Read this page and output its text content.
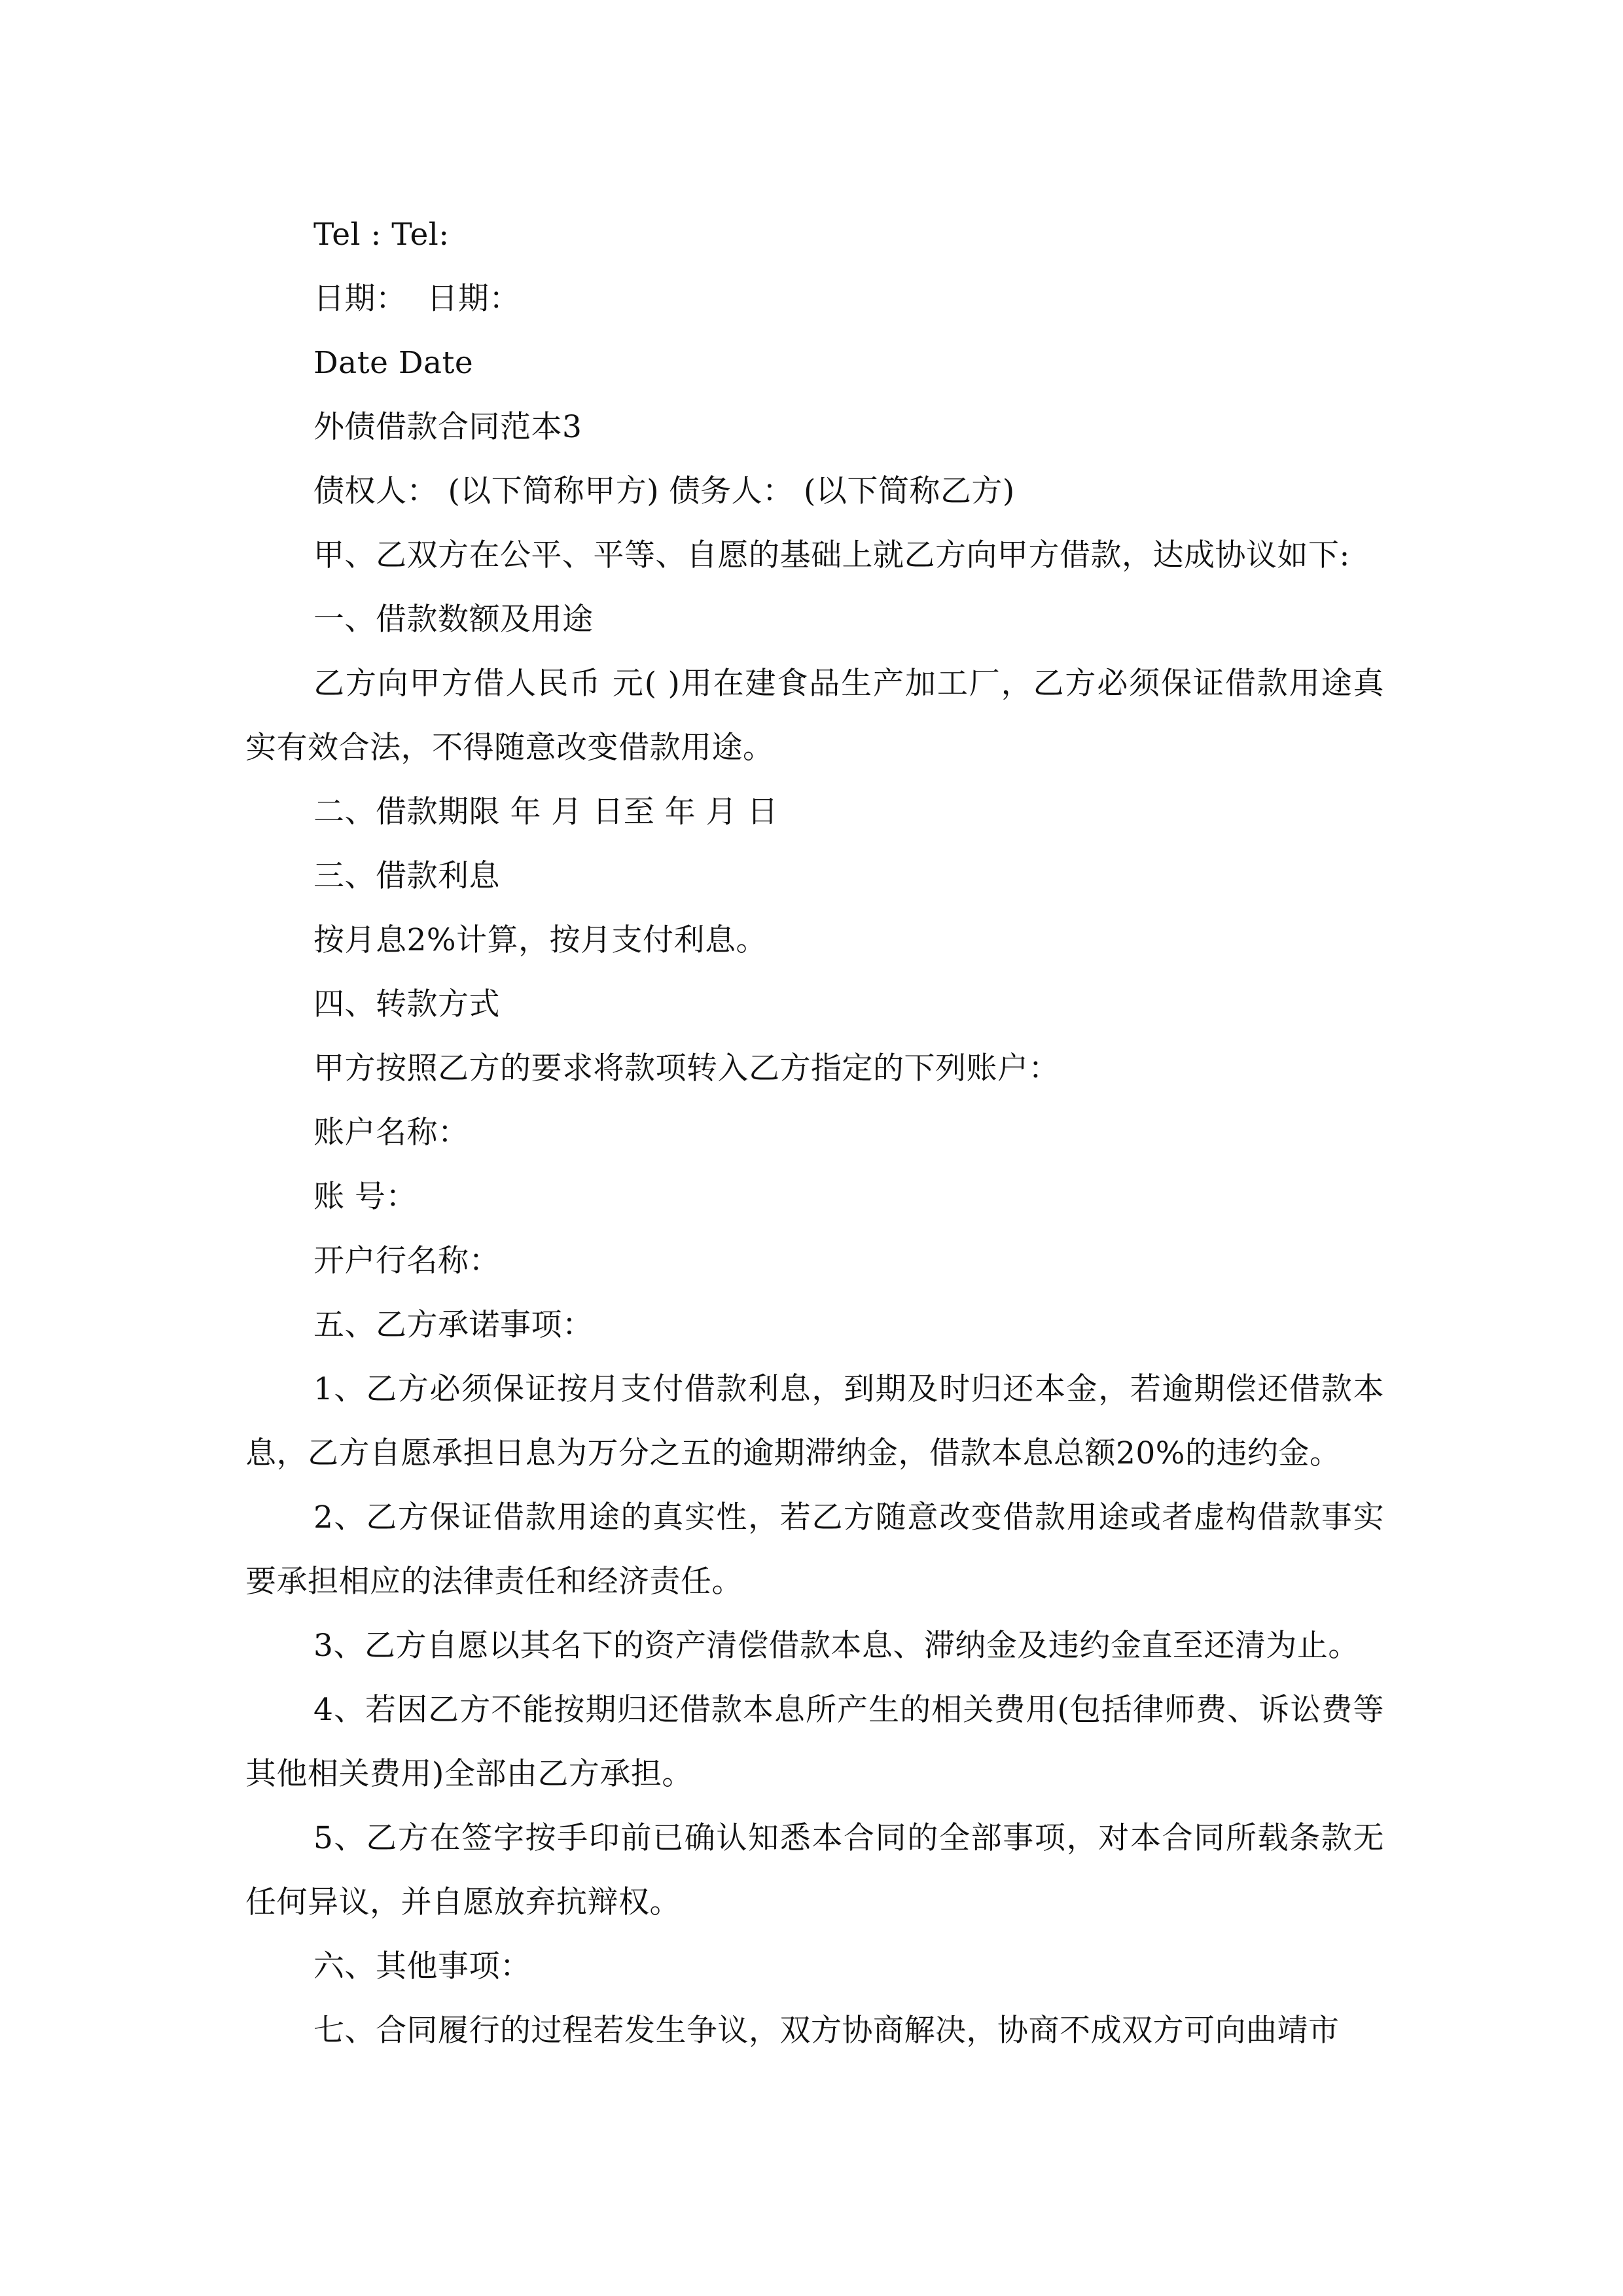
Tel : Tel:

日期：  日期：

Date Date

外债借款合同范本3

债权人： (以下简称甲方) 债务人： (以下简称乙方)

甲、乙双方在公平、平等、自愿的基础上就乙方向甲方借款，达成协议如下:

一、借款数额及用途

乙方向甲方借人民币 元( )用在建食品生产加工厂，乙方必须保证借款用途真实有效合法，不得随意改变借款用途。

二、借款期限 年 月 日至 年 月 日

三、借款利息

按月息2%计算，按月支付利息。

四、转款方式

甲方按照乙方的要求将款项转入乙方指定的下列账户：

账户名称：

账 号：

开户行名称：

五、乙方承诺事项：

1、乙方必须保证按月支付借款利息，到期及时归还本金，若逾期偿还借款本息，乙方自愿承担日息为万分之五的逾期滞纳金，借款本息总额20%的违约金。

2、乙方保证借款用途的真实性，若乙方随意改变借款用途或者虚构借款事实要承担相应的法律责任和经济责任。

3、乙方自愿以其名下的资产清偿借款本息、滞纳金及违约金直至还清为止。

4、若因乙方不能按期归还借款本息所产生的相关费用(包括律师费、诉讼费等其他相关费用)全部由乙方承担。

5、乙方在签字按手印前已确认知悉本合同的全部事项，对本合同所载条款无任何异议，并自愿放弃抗辩权。

六、其他事项：

七、合同履行的过程若发生争议，双方协商解决，协商不成双方可向曲靖市
